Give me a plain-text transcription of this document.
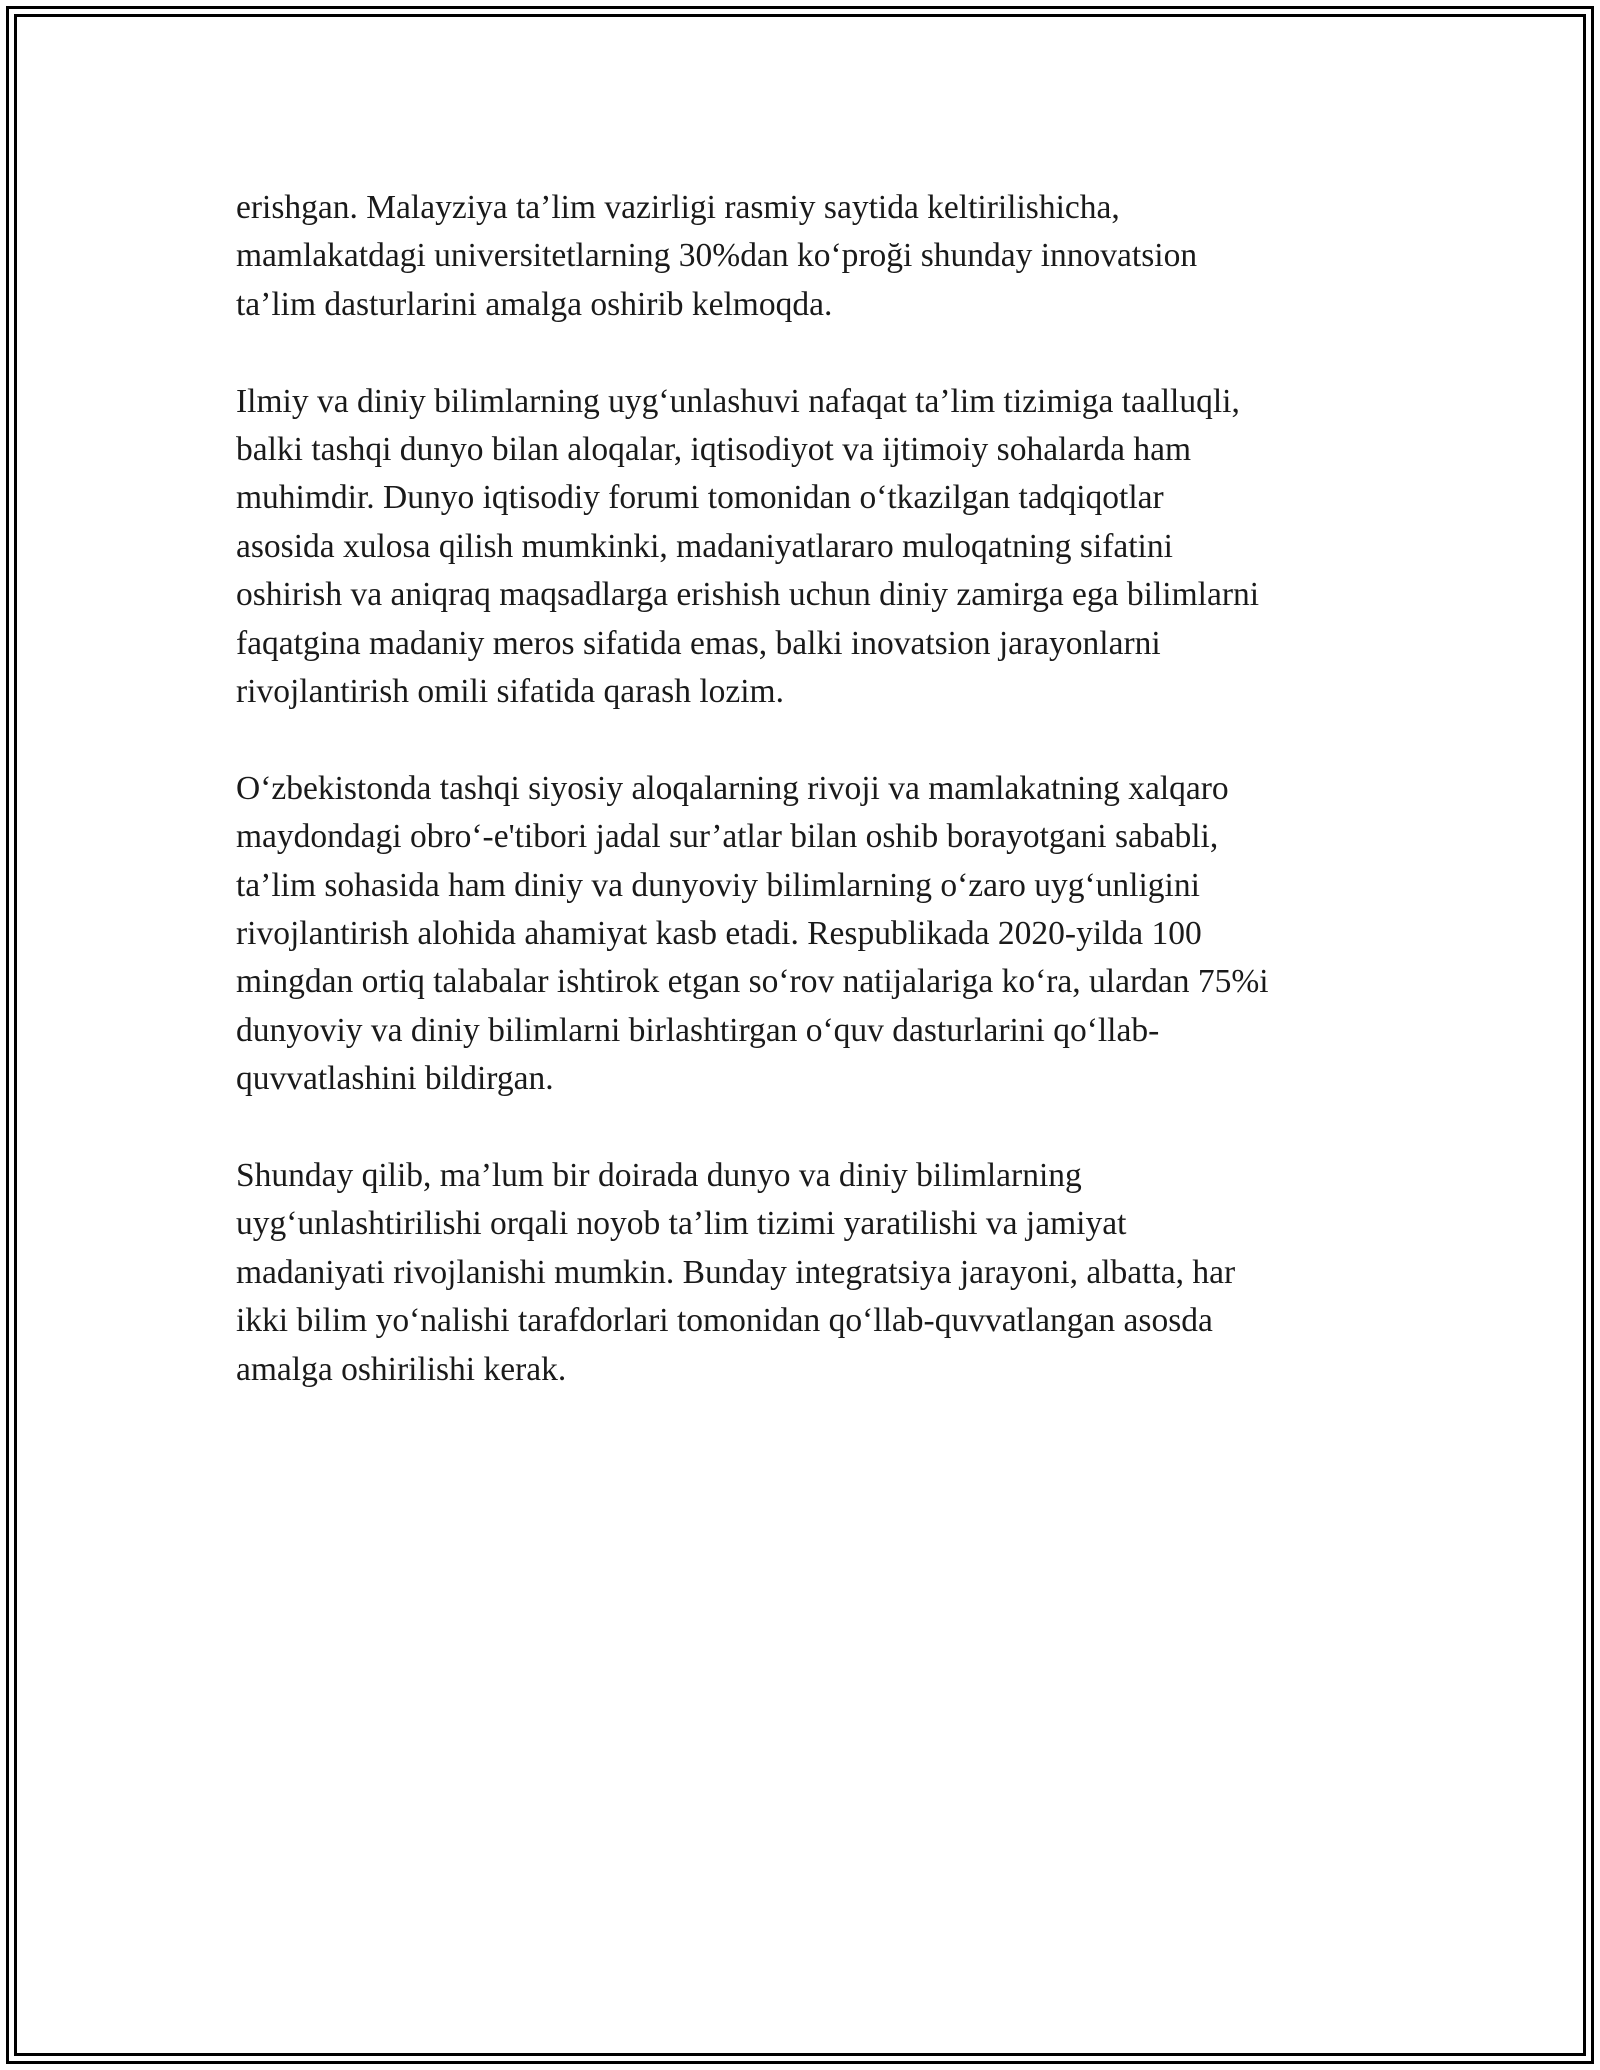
erishgan. Malayziya ta’lim vazirligi rasmiy saytida keltirilishicha,
mamlakatdagi universitetlarning 30%dan ko‘proği shunday innovatsion
ta’lim dasturlarini amalga oshirib kelmoqda.

Ilmiy va diniy bilimlarning uyg‘unlashuvi nafaqat ta’lim tizimiga taalluqli,
balki tashqi dunyo bilan aloqalar, iqtisodiyot va ijtimoiy sohalarda ham
muhimdir. Dunyo iqtisodiy forumi tomonidan o‘tkazilgan tadqiqotlar
asosida xulosa qilish mumkinki, madaniyatlararo muloqatning sifatini
oshirish va aniqraq maqsadlarga erishish uchun diniy zamirga ega bilimlarni
faqatgina madaniy meros sifatida emas, balki inovatsion jarayonlarni
rivojlantirish omili sifatida qarash lozim.

O‘zbekistonda tashqi siyosiy aloqalarning rivoji va mamlakatning xalqaro
maydondagi obro‘-e'tibori jadal sur’atlar bilan oshib borayotgani sababli,
ta’lim sohasida ham diniy va dunyoviy bilimlarning o‘zaro uyg‘unligini
rivojlantirish alohida ahamiyat kasb etadi. Respublikada 2020-yilda 100
mingdan ortiq talabalar ishtirok etgan so‘rov natijalariga ko‘ra, ulardan 75%i
dunyoviy va diniy bilimlarni birlashtirgan o‘quv dasturlarini qo‘llab-
quvvatlashini bildirgan.

Shunday qilib, ma’lum bir doirada dunyo va diniy bilimlarning
uyg‘unlashtirilishi orqali noyob ta’lim tizimi yaratilishi va jamiyat
madaniyati rivojlanishi mumkin. Bunday integratsiya jarayoni, albatta, har
ikki bilim yo‘nalishi tarafdorlari tomonidan qo‘llab-quvvatlangan asosda
amalga oshirilishi kerak.
